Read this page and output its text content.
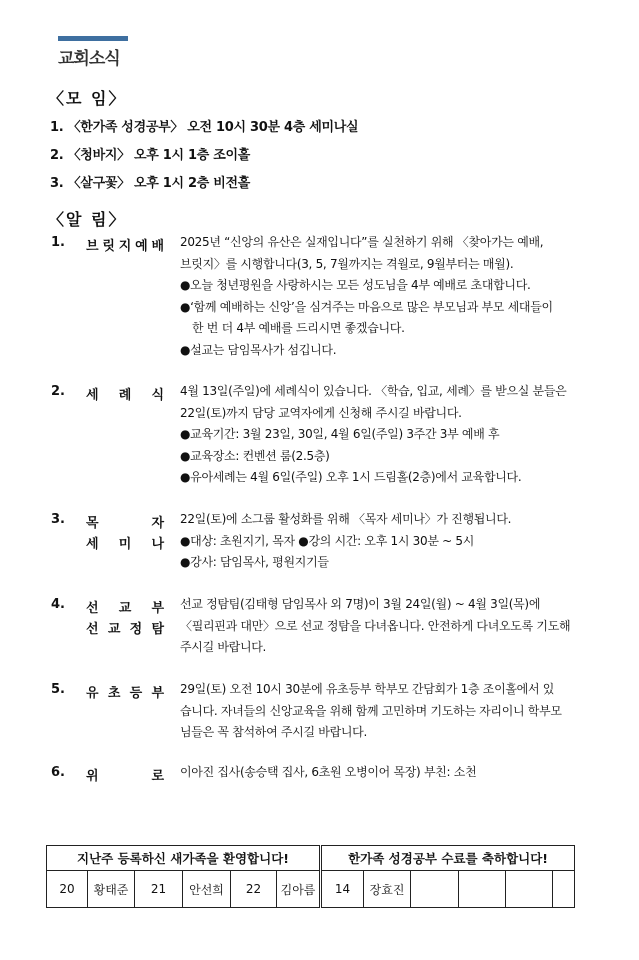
교회소식
〈모 임〉
1. 〈한가족 성경공부〉 오전 10시 30분 4층 세미나실
2. 〈청바지〉 오후 1시 1층 조이홀
3. 〈살구꽃〉 오후 1시 2층 비전홀
〈알 림〉
1. 브 릿 지 예 배 2025년 “신앙의 유산은 실재입니다”를 실천하기 위해 〈찾아가는 예배,
브릿지〉를 시행합니다(3, 5, 7월까지는 격월로, 9월부터는 매월).
●오늘 청년평원을 사랑하시는 모든 성도님을 4부 예배로 초대합니다.
●‘함께 예배하는 신앙’을 심겨주는 마음으로 많은 부모님과 부모 세대들이
한 번 더 4부 예배를 드리시면 좋겠습니다.
●설교는 담임목사가 섬깁니다.
2. 세 례 식 4월 13일(주일)에 세례식이 있습니다. 〈학습, 입교, 세례〉를 받으실 분들은
22일(토)까지 담당 교역자에게 신청해 주시길 바랍니다.
●교육기간: 3월 23일, 30일, 4월 6일(주일) 3주간 3부 예배 후
●교육장소: 컨벤션 룸(2.5층)
●유아세례는 4월 6일(주일) 오후 1시 드림홀(2층)에서 교육합니다.
3. 목	자
세 미 나
22일(토)에 소그룹 활성화를 위해 〈목자 세미나〉가 진행됩니다.
●대상: 초원지기, 목자 ●강의 시간: 오후 1시 30분 ~ 5시
●강사: 담임목사, 평원지기들
4. 선 교 부
선 교 정 탐
선교 정탐팀(김태형 담임목사 외 7명)이 3월 24일(월) ~ 4월 3일(목)에
〈필리핀과 대만〉으로 선교 정탐을 다녀옵니다. 안전하게 다녀오도록 기도해
주시길 바랍니다.
5. 유 초 등 부 29일(토) 오전 10시 30분에 유초등부 학부모 간담회가 1층 조이홀에서 있
습니다. 자녀들의 신앙교육을 위해 함께 고민하며 기도하는 자리이니 학부모
님들은 꼭 참석하여 주시길 바랍니다.
6. 위	로 이아진 집사(송승택 집사, 6초원 오병이어 목장) 부친: 소천
지난주 등록하신 새가족을 환영합니다!						한가족 성경공부 수료를 축하합니다!					
20	황태준	21	안선희	22	김아름	14	장효진				
